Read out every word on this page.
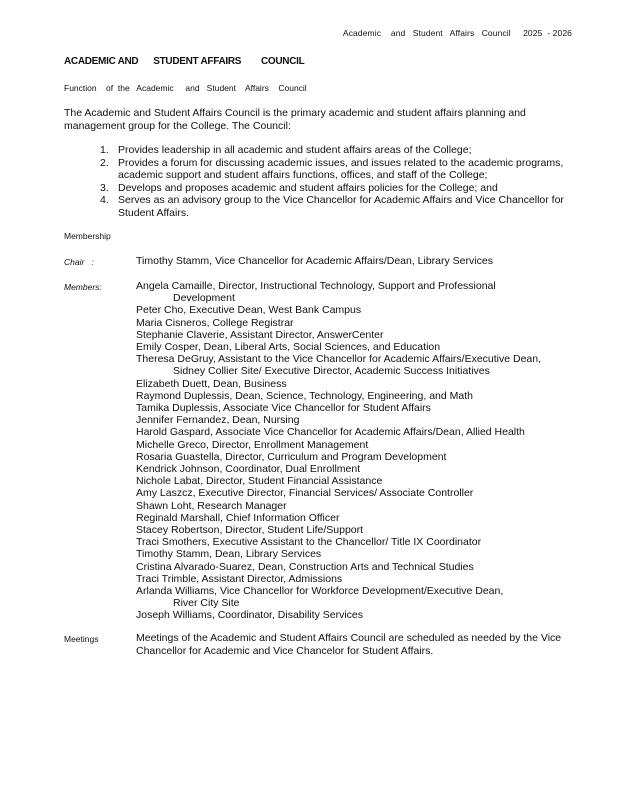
Academic    and   Student   Affairs   Council 2025  - 2026
ACADEMIC AND      STUDENT AFFAIRS        COUNCIL
Function    of  the   Academic     and   Student    Affairs    Council
The Academic and Student Affairs Council is the primary academic and student affairs planning and management group for the College. The Council:
1. Provides leadership in all academic and student affairs areas of the College;
2. Provides a forum for discussing academic issues, and issues related to the academic programs, academic support and student affairs functions, offices, and staff of the College;
3. Develops and proposes academic and student affairs policies for the College; and
4. Serves as an advisory group to the Vice Chancellor for Academic Affairs and Vice Chancellor for Student Affairs.
Membership
Chair   :	Timothy Stamm, Vice Chancellor for Academic Affairs/Dean, Library Services
Members:	Angela Camaille, Director, Instructional Technology, Support and Professional
Development
Peter Cho, Executive Dean, West Bank Campus
Maria Cisneros, College Registrar
Stephanie Claverie, Assistant Director, AnswerCenter
Emily Cosper, Dean, Liberal Arts, Social Sciences, and Education
Theresa DeGruy, Assistant to the Vice Chancellor for Academic Affairs/Executive Dean,
Sidney Collier Site/ Executive Director, Academic Success Initiatives
Elizabeth Duett, Dean, Business
Raymond Duplessis, Dean, Science, Technology, Engineering, and Math
Tamika Duplessis, Associate Vice Chancellor for Student Affairs
Jennifer Fernandez, Dean, Nursing
Harold Gaspard, Associate Vice Chancellor for Academic Affairs/Dean, Allied Health
Michelle Greco, Director, Enrollment Management
Rosaria Guastella, Director, Curriculum and Program Development
Kendrick Johnson, Coordinator, Dual Enrollment
Nichole Labat, Director, Student Financial Assistance
Amy Laszcz, Executive Director, Financial Services/ Associate Controller
Shawn Loht, Research Manager
Reginald Marshall, Chief Information Officer
Stacey Robertson, Director, Student Life/Support
Traci Smothers, Executive Assistant to the Chancellor/ Title IX Coordinator
Timothy Stamm, Dean, Library Services
Cristina Alvarado-Suarez, Dean, Construction Arts and Technical Studies
Traci Trimble, Assistant Director, Admissions
Arlanda Williams, Vice Chancellor for Workforce Development/Executive Dean,
River City Site
Joseph Williams, Coordinator, Disability Services
Meetings	Meetings of the Academic and Student Affairs Council are scheduled as needed by the Vice Chancellor for Academic and Vice Chancelor for Student Affairs.
